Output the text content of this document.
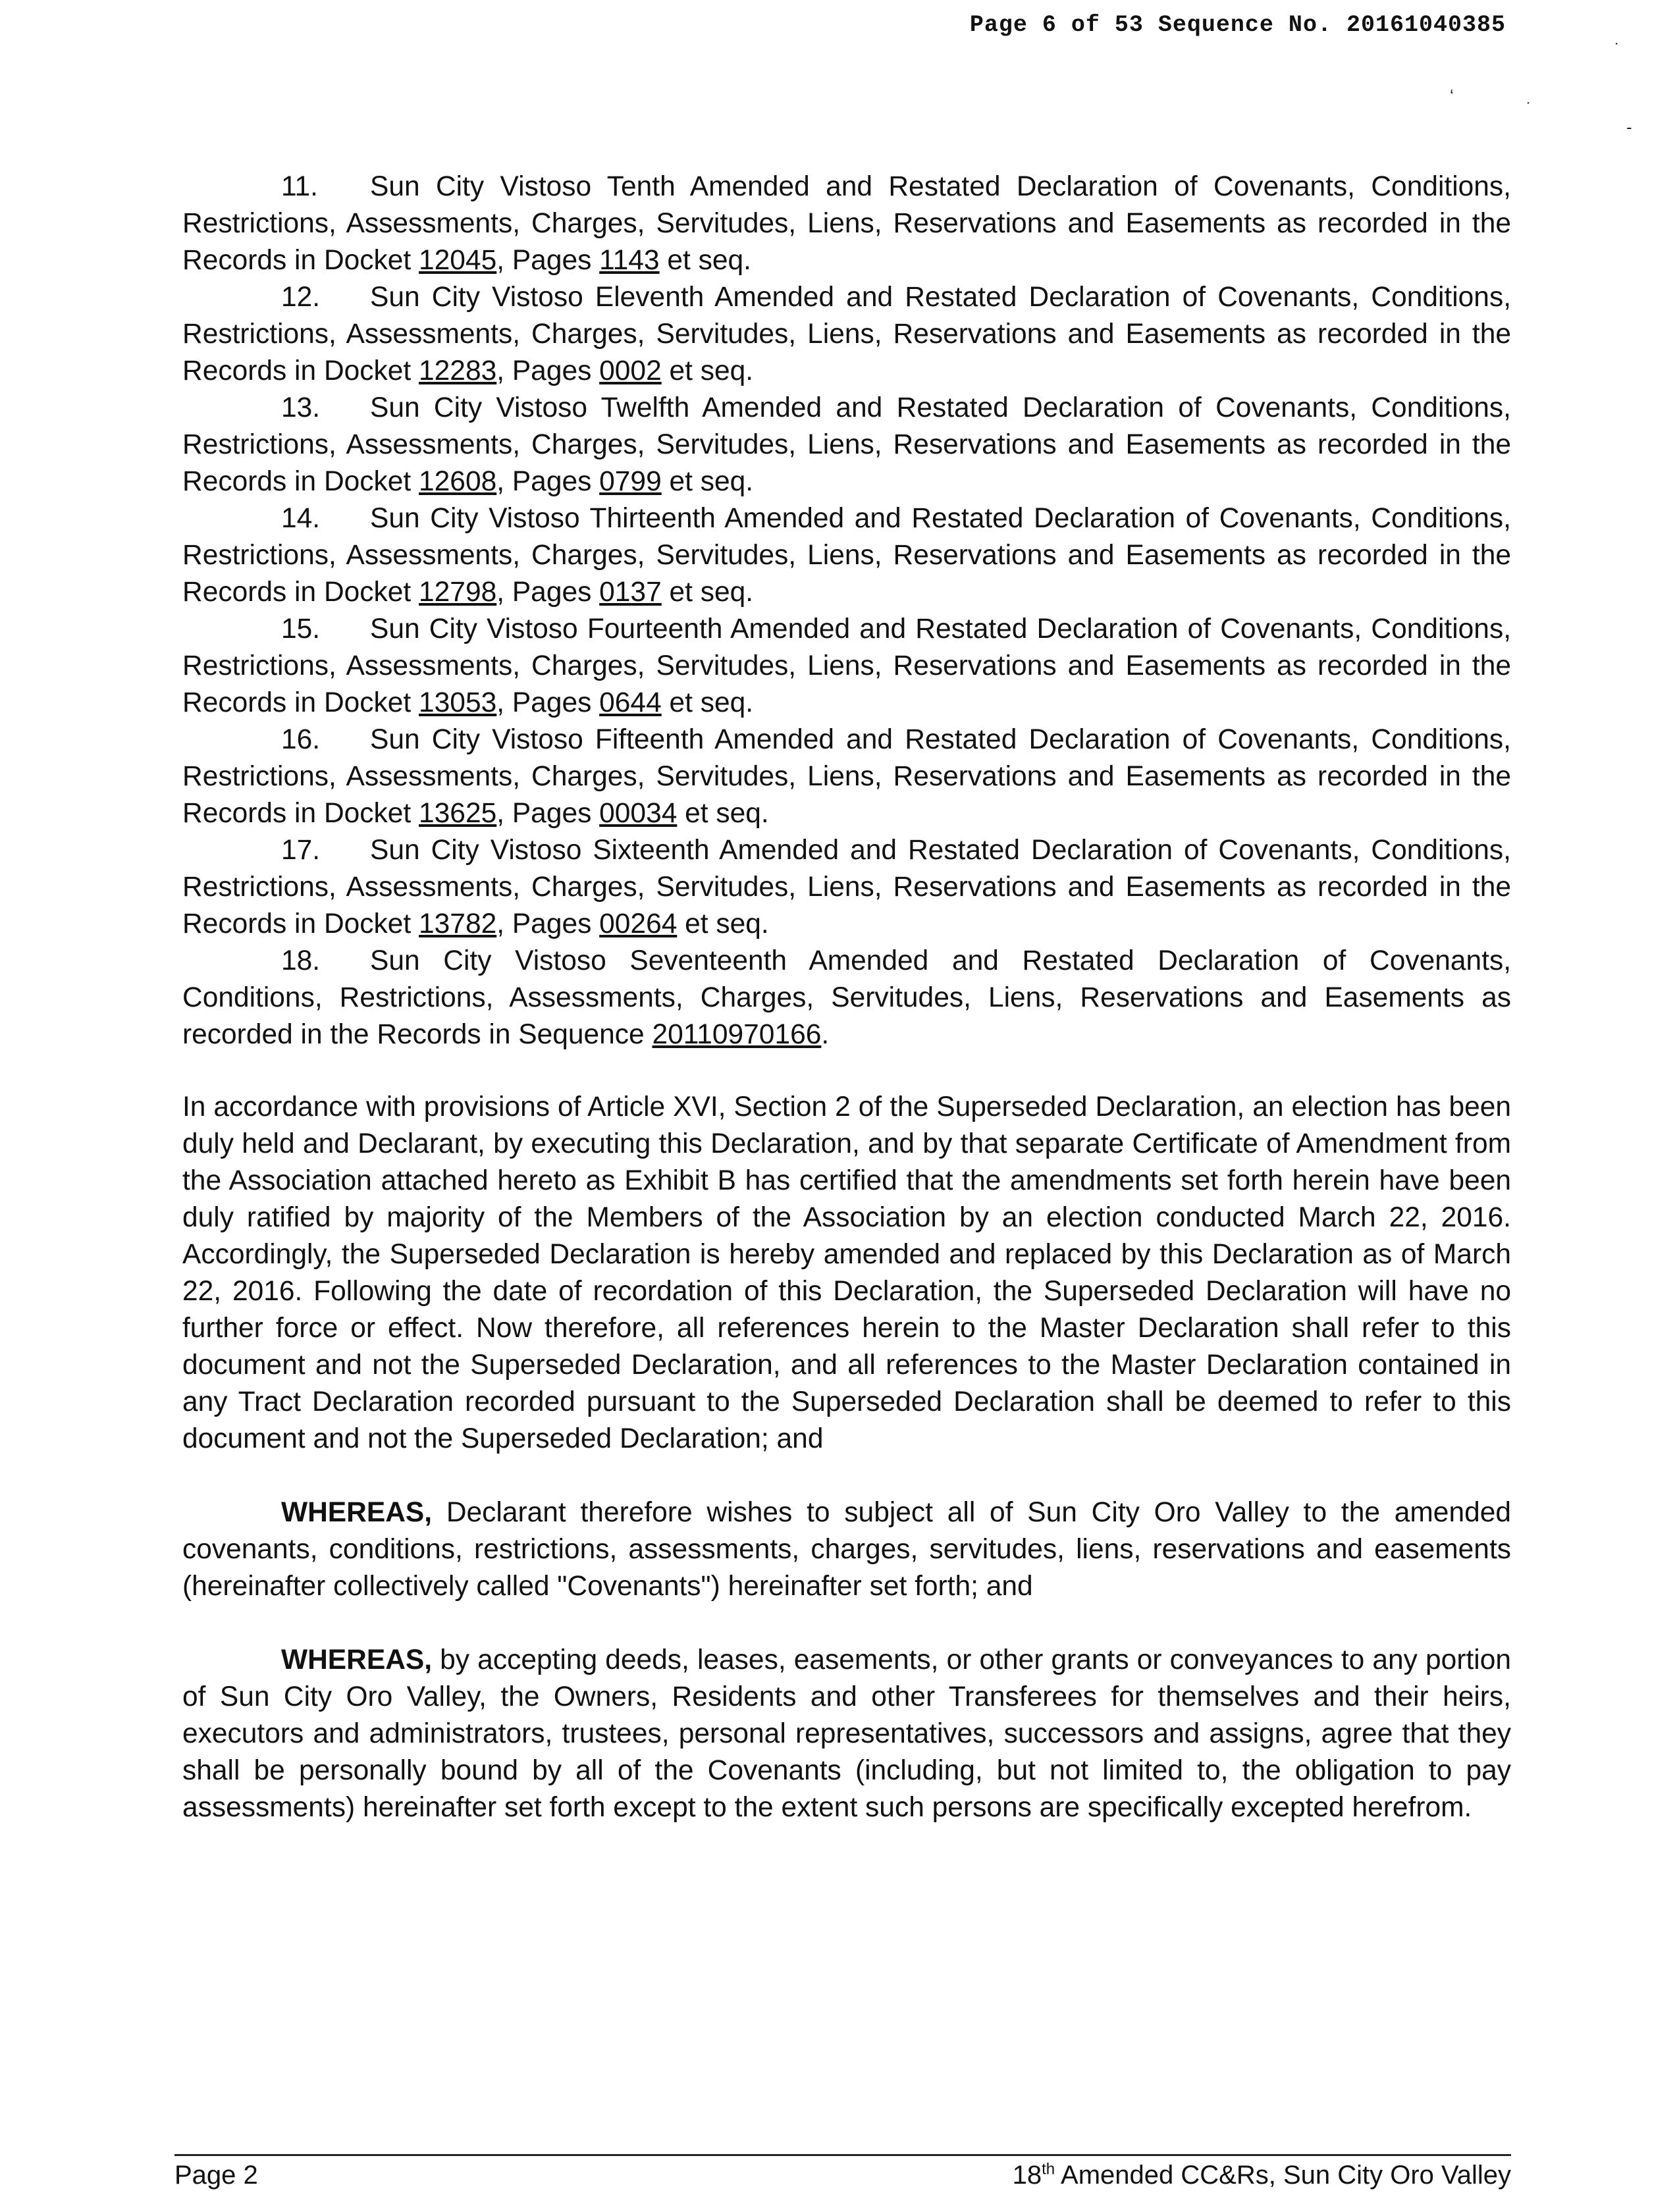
Page 6 of 53 Sequence No. 20161040385
˙
‘
˙
-
11. Sun City Vistoso Tenth Amended and Restated Declaration of Covenants, Conditions, Restrictions, Assessments, Charges, Servitudes, Liens, Reservations and Easements as recorded in the Records in Docket 12045, Pages 1143 et seq.
12. Sun City Vistoso Eleventh Amended and Restated Declaration of Covenants, Conditions, Restrictions, Assessments, Charges, Servitudes, Liens, Reservations and Easements as recorded in the Records in Docket 12283, Pages 0002 et seq.
13. Sun City Vistoso Twelfth Amended and Restated Declaration of Covenants, Conditions, Restrictions, Assessments, Charges, Servitudes, Liens, Reservations and Easements as recorded in the Records in Docket 12608, Pages 0799 et seq.
14. Sun City Vistoso Thirteenth Amended and Restated Declaration of Covenants, Conditions, Restrictions, Assessments, Charges, Servitudes, Liens, Reservations and Easements as recorded in the Records in Docket 12798, Pages 0137 et seq.
15. Sun City Vistoso Fourteenth Amended and Restated Declaration of Covenants, Conditions, Restrictions, Assessments, Charges, Servitudes, Liens, Reservations and Easements as recorded in the Records in Docket 13053, Pages 0644 et seq.
16. Sun City Vistoso Fifteenth Amended and Restated Declaration of Covenants, Conditions, Restrictions, Assessments, Charges, Servitudes, Liens, Reservations and Easements as recorded in the Records in Docket 13625, Pages 00034 et seq.
17. Sun City Vistoso Sixteenth Amended and Restated Declaration of Covenants, Conditions, Restrictions, Assessments, Charges, Servitudes, Liens, Reservations and Easements as recorded in the Records in Docket 13782, Pages 00264 et seq.
18. Sun City Vistoso Seventeenth Amended and Restated Declaration of Covenants, Conditions, Restrictions, Assessments, Charges, Servitudes, Liens, Reservations and Easements as recorded in the Records in Sequence 20110970166.
In accordance with provisions of Article XVI, Section 2 of the Superseded Declaration, an election has been duly held and Declarant, by executing this Declaration, and by that separate Certificate of Amendment from the Association attached hereto as Exhibit B has certified that the amendments set forth herein have been duly ratified by majority of the Members of the Association by an election conducted March 22, 2016. Accordingly, the Superseded Declaration is hereby amended and replaced by this Declaration as of March 22, 2016. Following the date of recordation of this Declaration, the Superseded Declaration will have no further force or effect. Now therefore, all references herein to the Master Declaration shall refer to this document and not the Superseded Declaration, and all references to the Master Declaration contained in any Tract Declaration recorded pursuant to the Superseded Declaration shall be deemed to refer to this document and not the Superseded Declaration; and
WHEREAS, Declarant therefore wishes to subject all of Sun City Oro Valley to the amended covenants, conditions, restrictions, assessments, charges, servitudes, liens, reservations and easements (hereinafter collectively called "Covenants") hereinafter set forth; and
WHEREAS, by accepting deeds, leases, easements, or other grants or conveyances to any portion of Sun City Oro Valley, the Owners, Residents and other Transferees for themselves and their heirs, executors and administrators, trustees, personal representatives, successors and assigns, agree that they shall be personally bound by all of the Covenants (including, but not limited to, the obligation to pay assessments) hereinafter set forth except to the extent such persons are specifically excepted herefrom.
Page 2	18th Amended CC&Rs, Sun City Oro Valley
